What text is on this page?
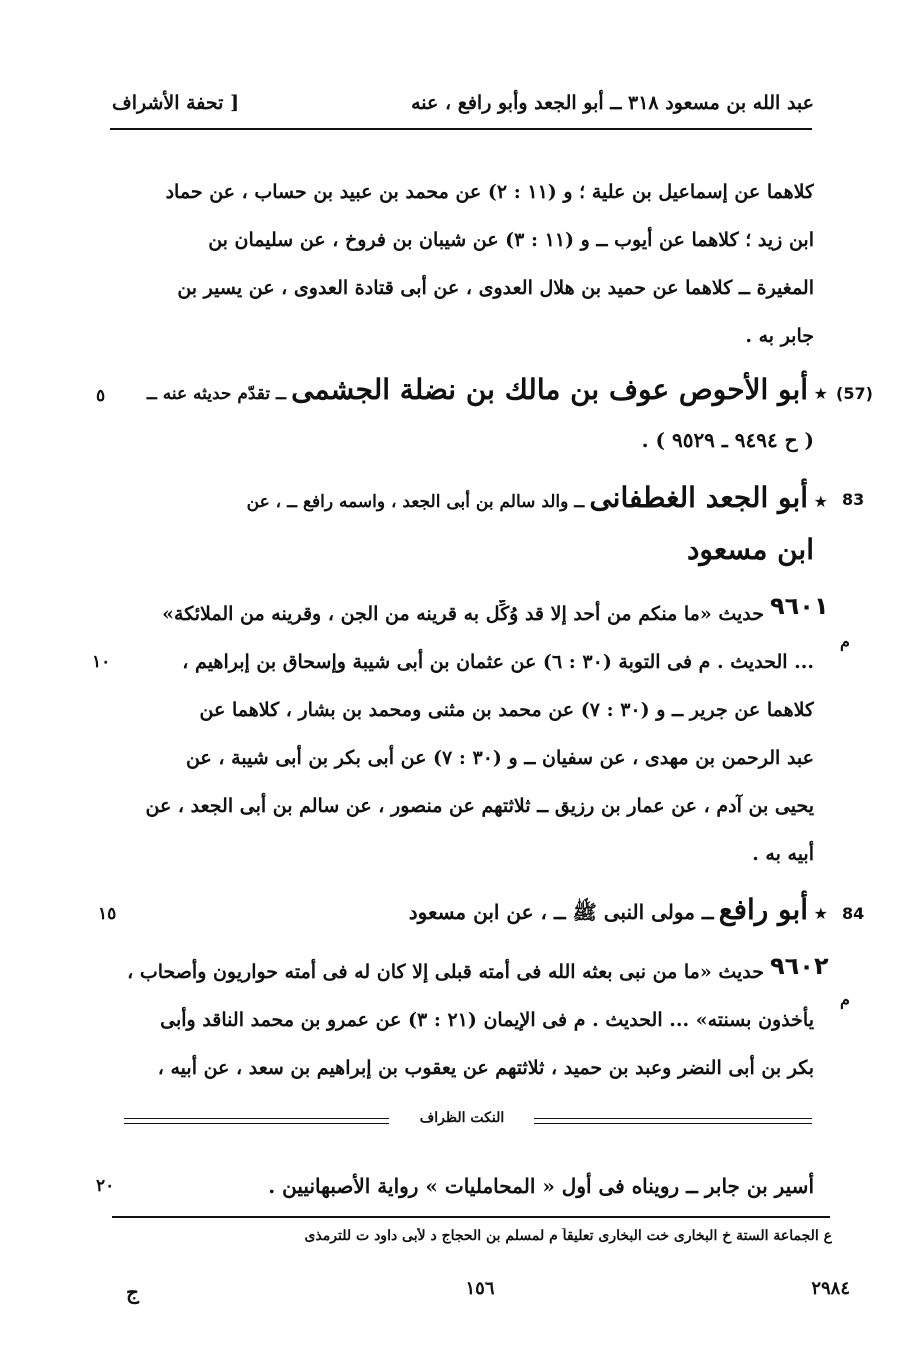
عبد الله بن مسعود ٣١٨ ــ أبو الجعد وأبو رافع ، عنه
[ تحفة الأشراف
كلاهما عن إسماعيل بن علية ؛ و (١١ : ٢) عن محمد بن عبيد بن حساب ، عن حماد
ابن زيد ؛ كلاهما عن أيوب ــ و (١١ : ٣) عن شيبان بن فروخ ، عن سليمان بن
المغيرة ــ كلاهما عن حميد بن هلال العدوى ، عن أبى قتادة العدوى ، عن يسير بن
جابر به .
(57)
★ أبو الأحوص عوف بن مالك بن نضلة الجشمى ــ تقدّم حديثه عنه ــ
٥
( ح ٩٤٩٤ ـ ٩٥٢٩ ) .
83
★ أبو الجعد الغطفانى ــ والد سالم بن أبى الجعد ، واسمه رافع ــ ، عن
ابن مسعود
٩٦٠١
م
حديث «ما منكم من أحد إلا قد وُكِّل به قرينه من الجن ، وقرينه من الملائكة»
... الحديث . م فى التوبة (٣٠ : ٦) عن عثمان بن أبى شيبة وإسحاق بن إبراهيم ،
١٠
كلاهما عن جرير ــ و (٣٠ : ٧) عن محمد بن مثنى ومحمد بن بشار ، كلاهما عن
عبد الرحمن بن مهدى ، عن سفيان ــ و (٣٠ : ٧) عن أبى بكر بن أبى شيبة ، عن
يحيى بن آدم ، عن عمار بن رزيق ــ ثلاثتهم عن منصور ، عن سالم بن أبى الجعد ، عن
أبيه به .
84
★ أبو رافع ــ مولى النبى ﷺ ــ ، عن ابن مسعود
١٥
٩٦٠٢
م
حديث «ما من نبى بعثه الله فى أمته قبلى إلا كان له فى أمته حواريون وأصحاب ،
يأخذون بسنته» ... الحديث . م فى الإيمان (٢١ : ٣) عن عمرو بن محمد الناقد وأبى
بكر بن أبى النضر وعبد بن حميد ، ثلاثتهم عن يعقوب بن إبراهيم بن سعد ، عن أبيه ،
النكت الظراف
أسير بن جابر ــ رويناه فى أول « المحامليات » رواية الأصبهانيين .
٢٠
ع الجماعة الستة خ البخارى خت البخارى تعليقاً م لمسلم بن الحجاج د لأبى داود ت للترمذى
ج	١٥٦	٢٩٨٤
